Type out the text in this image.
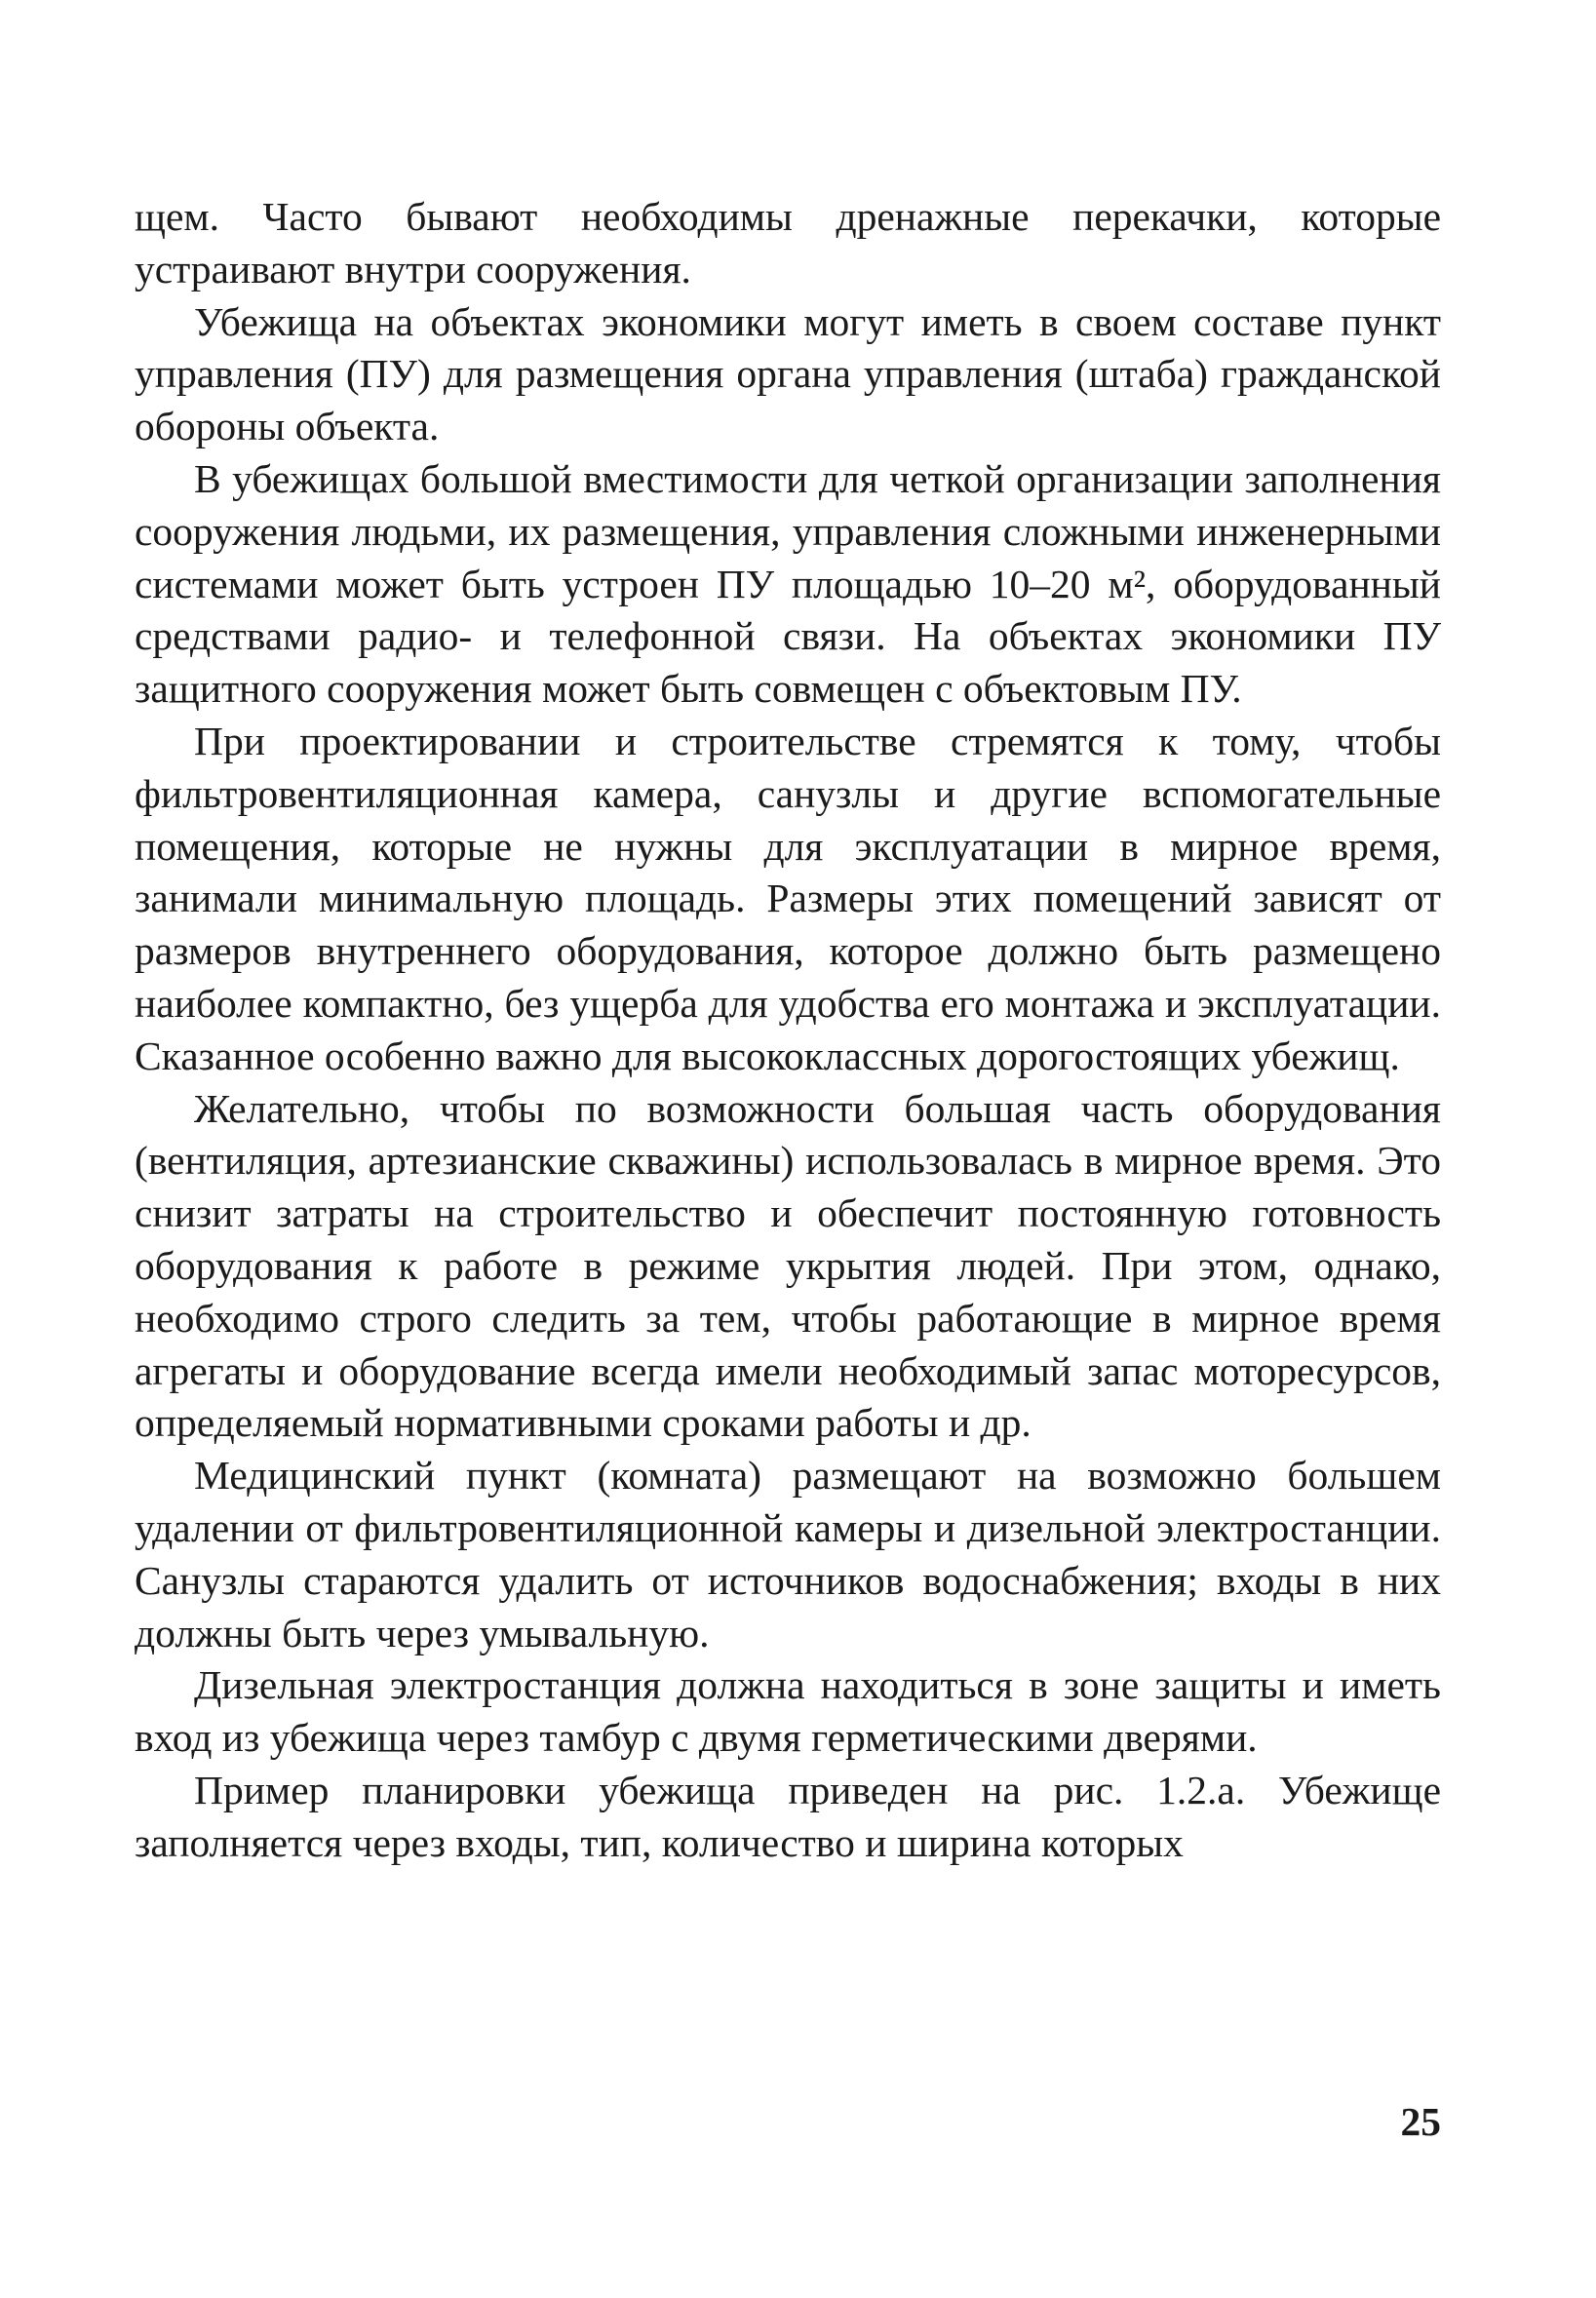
щем. Часто бывают необходимы дренажные перекачки, которые устраивают внутри сооружения.

Убежища на объектах экономики могут иметь в своем составе пункт управления (ПУ) для размещения органа управления (штаба) гражданской обороны объекта.

В убежищах большой вместимости для четкой организации заполнения сооружения людьми, их размещения, управления сложными инженерными системами может быть устроен ПУ площадью 10–20 м², оборудованный средствами радио- и телефонной связи. На объектах экономики ПУ защитного сооружения может быть совмещен с объектовым ПУ.

При проектировании и строительстве стремятся к тому, чтобы фильтровентиляционная камера, санузлы и другие вспомогательные помещения, которые не нужны для эксплуатации в мирное время, занимали минимальную площадь. Размеры этих помещений зависят от размеров внутреннего оборудования, которое должно быть размещено наиболее компактно, без ущерба для удобства его монтажа и эксплуатации. Сказанное особенно важно для высококлассных дорогостоящих убежищ.

Желательно, чтобы по возможности большая часть оборудования (вентиляция, артезианские скважины) использовалась в мирное время. Это снизит затраты на строительство и обеспечит постоянную готовность оборудования к работе в режиме укрытия людей. При этом, однако, необходимо строго следить за тем, чтобы работающие в мирное время агрегаты и оборудование всегда имели необходимый запас моторесурсов, определяемый нормативными сроками работы и др.

Медицинский пункт (комната) размещают на возможно большем удалении от фильтровентиляционной камеры и дизельной электростанции. Санузлы стараются удалить от источников водоснабжения; входы в них должны быть через умывальную.

Дизельная электростанция должна находиться в зоне защиты и иметь вход из убежища через тамбур с двумя герметическими дверями.

Пример планировки убежища приведен на рис. 1.2.а. Убежище заполняется через входы, тип, количество и ширина которых

25
